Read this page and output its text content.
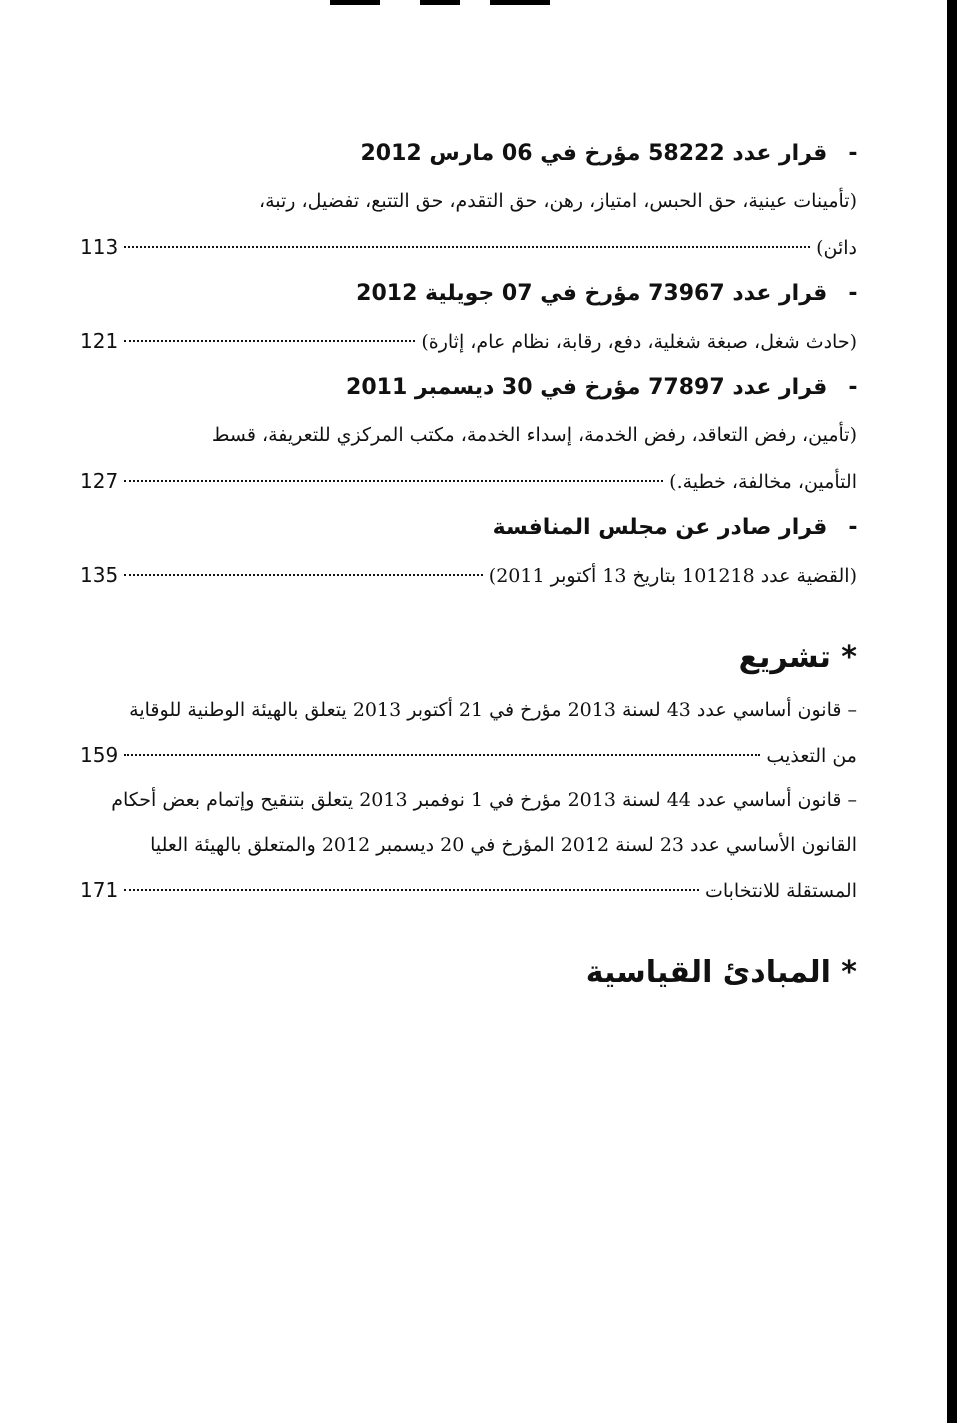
- قرار عدد 58222 مؤرخ في 06 مارس 2012
(تأمينات عينية، حق الحبس، امتياز، رهن، حق التقدم، حق التتبع، تفضيل، رتبة،
دائن)
113
- قرار عدد 73967 مؤرخ في 07 جويلية 2012
(حادث شغل، صبغة شغلية، دفع، رقابة، نظام عام، إثارة)
121
- قرار عدد 77897 مؤرخ في 30 ديسمبر 2011
(تأمين، رفض التعاقد، رفض الخدمة، إسداء الخدمة، مكتب المركزي للتعريفة، قسط
التأمين، مخالفة، خطية.)
127
- قرار صادر عن مجلس المنافسة
(القضية عدد 101218 بتاريخ 13 أكتوبر 2011)
135
* تشريع
– قانون أساسي عدد 43 لسنة 2013 مؤرخ في 21 أكتوبر 2013 يتعلق بالهيئة الوطنية للوقاية
من التعذيب
159
– قانون أساسي عدد 44 لسنة 2013 مؤرخ في 1 نوفمبر 2013 يتعلق بتنقيح وإتمام بعض أحكام
القانون الأساسي عدد 23 لسنة 2012 المؤرخ في 20 ديسمبر 2012 والمتعلق بالهيئة العليا
المستقلة للانتخابات
171
* المبادئ القياسية
